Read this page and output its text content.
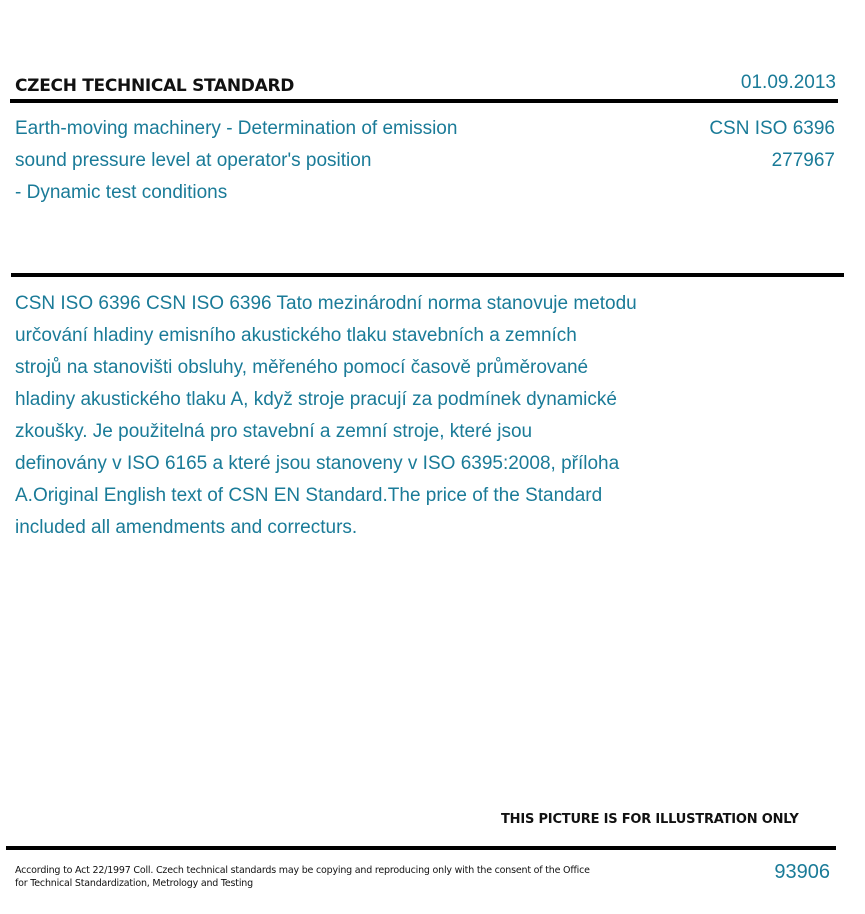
CZECH TECHNICAL STANDARD	01.09.2013
Earth-moving machinery - Determination of emission
sound pressure level at operator's position
- Dynamic test conditions
CSN ISO 6396
277967
CSN ISO 6396 CSN ISO 6396 Tato mezinárodní norma stanovuje metodu
určování hladiny emisního akustického tlaku stavebních a zemních
strojů na stanovišti obsluhy, měřeného pomocí časově průměrované
hladiny akustického tlaku A, když stroje pracují za podmínek dynamické
zkoušky. Je použitelná pro stavební a zemní stroje, které jsou
definovány v ISO 6165 a které jsou stanoveny v ISO 6395:2008, příloha
A.Original English text of CSN EN Standard.The price of the Standard
included all amendments and correcturs.
THIS PICTURE IS FOR ILLUSTRATION ONLY
According to Act 22/1997 Coll. Czech technical standards may be copying and reproducing only with the consent of the Office
for Technical Standardization, Metrology and Testing
93906
